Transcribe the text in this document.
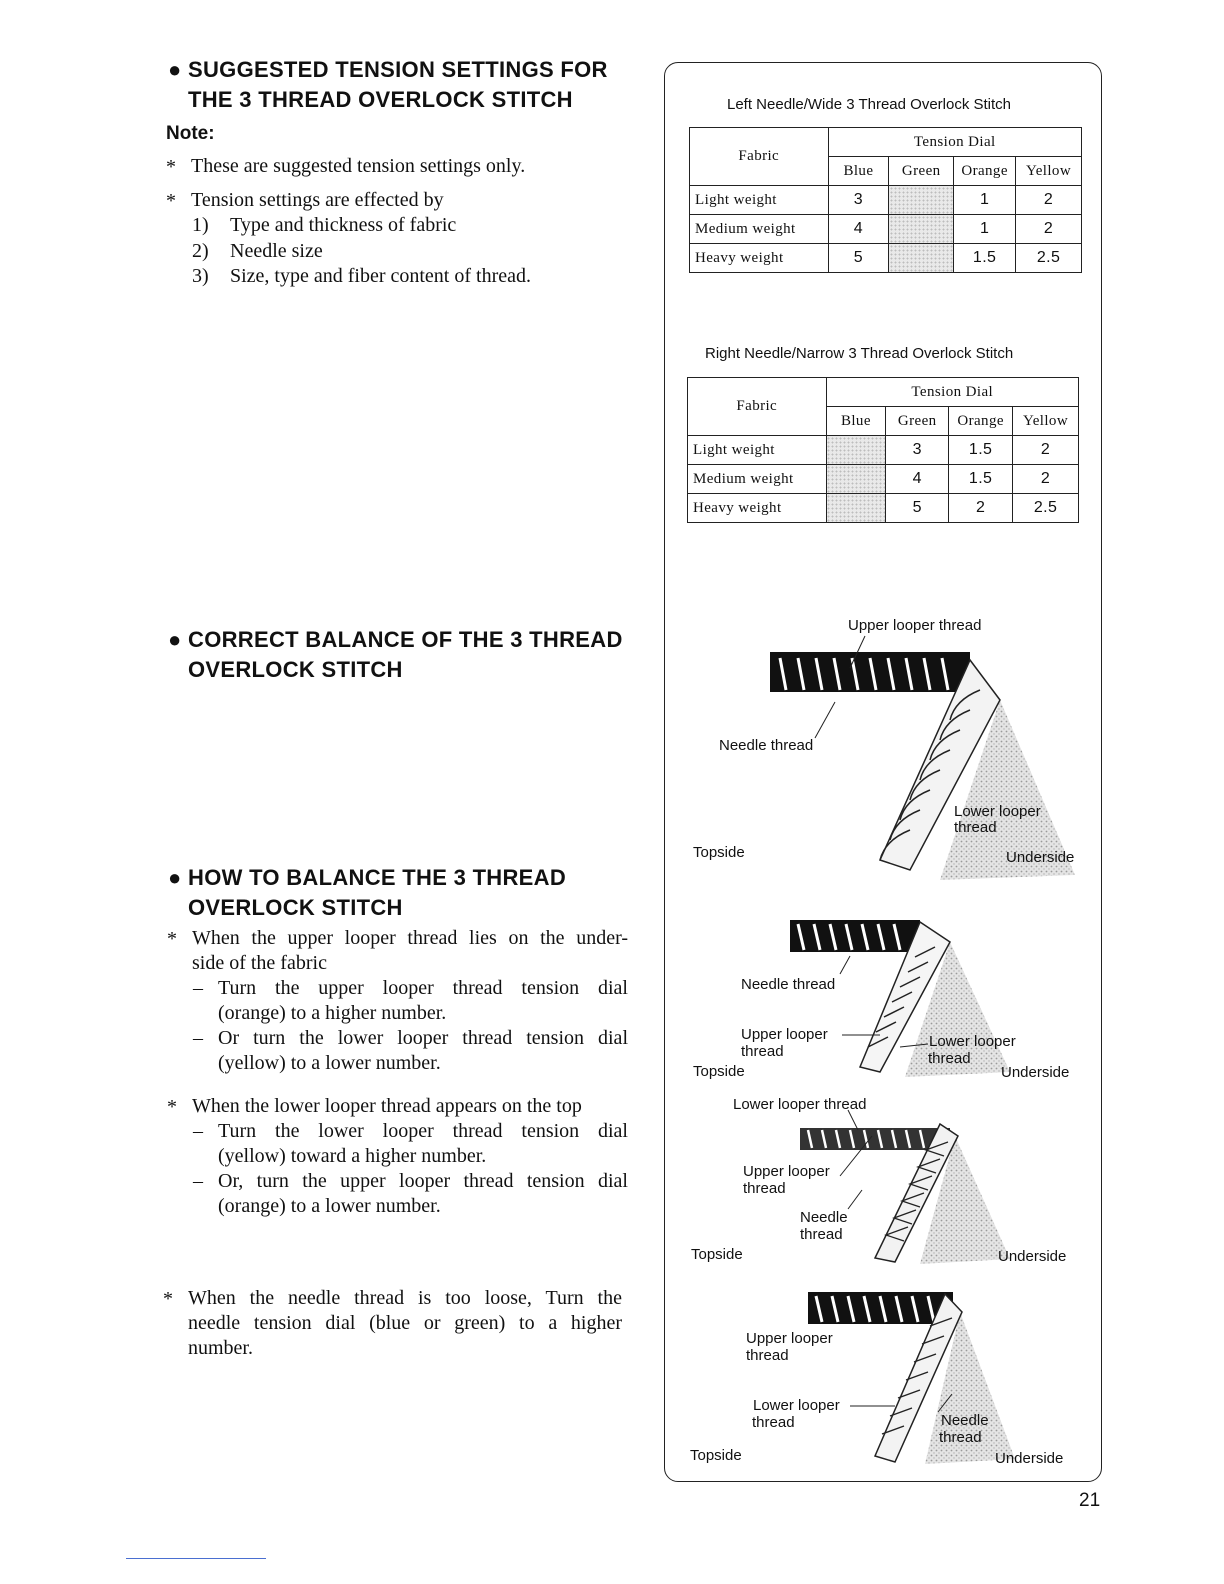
● SUGGESTED TENSION SETTINGS FOR
THE 3 THREAD OVERLOCK STITCH
Note:
* These are suggested tension settings only.
* Tension settings are effected by
1) Type and thickness of fabric
2) Needle size
3) Size, type and fiber content of thread.
● CORRECT BALANCE OF THE 3 THREAD
OVERLOCK STITCH
● HOW TO BALANCE THE 3 THREAD
OVERLOCK STITCH
* When the upper looper thread lies on the under-
side of the fabric
– Turn the upper looper thread tension dial
(orange) to a higher number.
– Or turn the lower looper thread tension dial
(yellow) to a lower number.
* When the lower looper thread appears on the top
– Turn the lower looper thread tension dial
(yellow) toward a higher number.
– Or, turn the upper looper thread tension dial
(orange) to a lower number.
* When the needle thread is too loose, Turn the
needle tension dial (blue or green) to a higher
number.
Left Needle/Wide 3 Thread Overlock Stitch
Fabric	Tension Dial			
	Blue	Green	Orange	Yellow
Light weight	3		1	2
Medium weight	4		1	2
Heavy weight	5		1.5	2.5
Right Needle/Narrow 3 Thread Overlock Stitch
Fabric	Tension Dial			
	Blue	Green	Orange	Yellow
Light weight		3	1.5	2
Medium weight		4	1.5	2
Heavy weight		5	2	2.5
Upper looper thread
Needle thread
Lower looper
thread
Topside	Underside
Needle thread
Upper looper
thread
Lower looper
thread
Topside	Underside
Lower looper thread
Upper looper
thread
Needle
thread
Topside	Underside
Upper looper
thread
Lower looper
thread	Needle
thread
Topside	Underside
21
